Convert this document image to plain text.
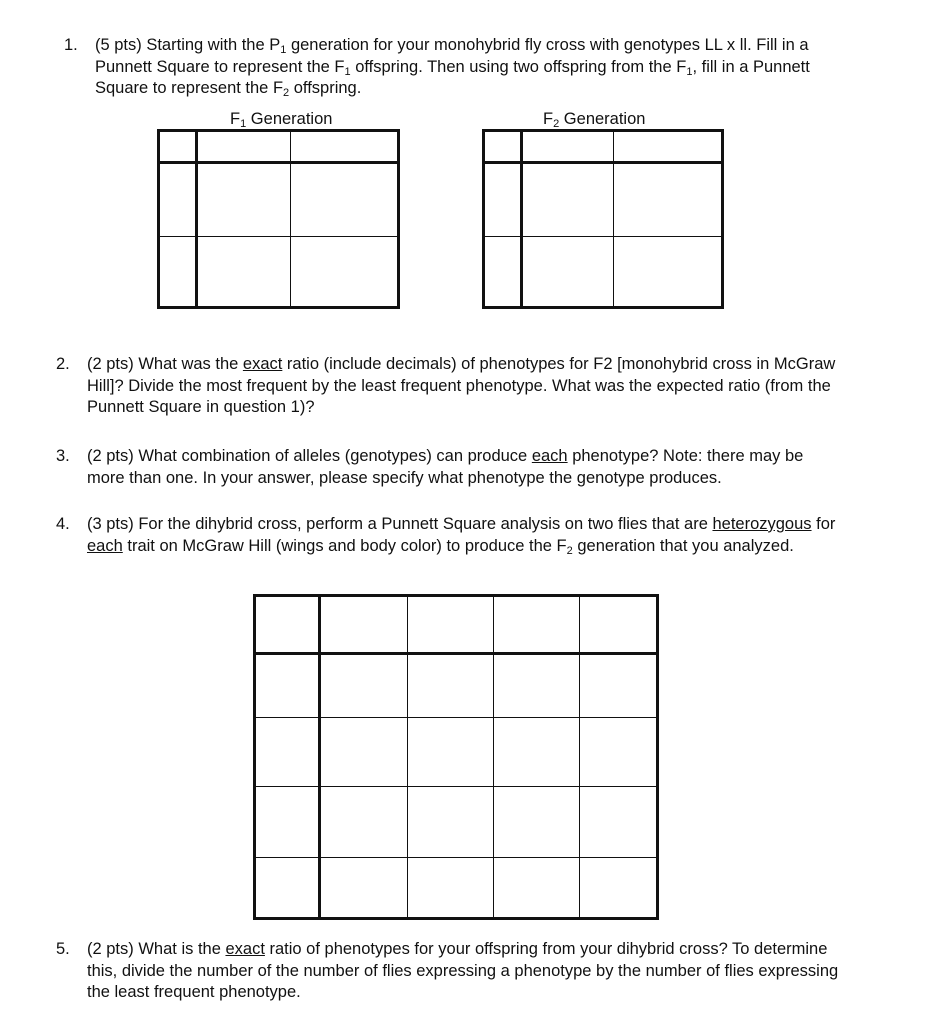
1. (5 pts) Starting with the $P_1$ generation for your monohybrid fly cross with genotypes LL x ll. Fill in a
Punnett Square to represent the $F_1$ offspring. Then using two offspring from the $F_1$, fill in a Punnett
Square to represent the $F_2$ offspring.
$F_1$ Generation	$F_2$ Generation
2. (2 pts) What was the exact ratio (include decimals) of phenotypes for F2 [monohybrid cross in McGraw
Hill]? Divide the most frequent by the least frequent phenotype. What was the expected ratio (from the
Punnett Square in question 1)?
3. (2 pts) What combination of alleles (genotypes) can produce each phenotype? Note: there may be
more than one. In your answer, please specify what phenotype the genotype produces.
4. (3 pts) For the dihybrid cross, perform a Punnett Square analysis on two flies that are heterozygous for
each trait on McGraw Hill (wings and body color) to produce the $F_2$ generation that you analyzed.
5. (2 pts) What is the exact ratio of phenotypes for your offspring from your dihybrid cross? To determine
this, divide the number of the number of flies expressing a phenotype by the number of flies expressing
the least frequent phenotype.
